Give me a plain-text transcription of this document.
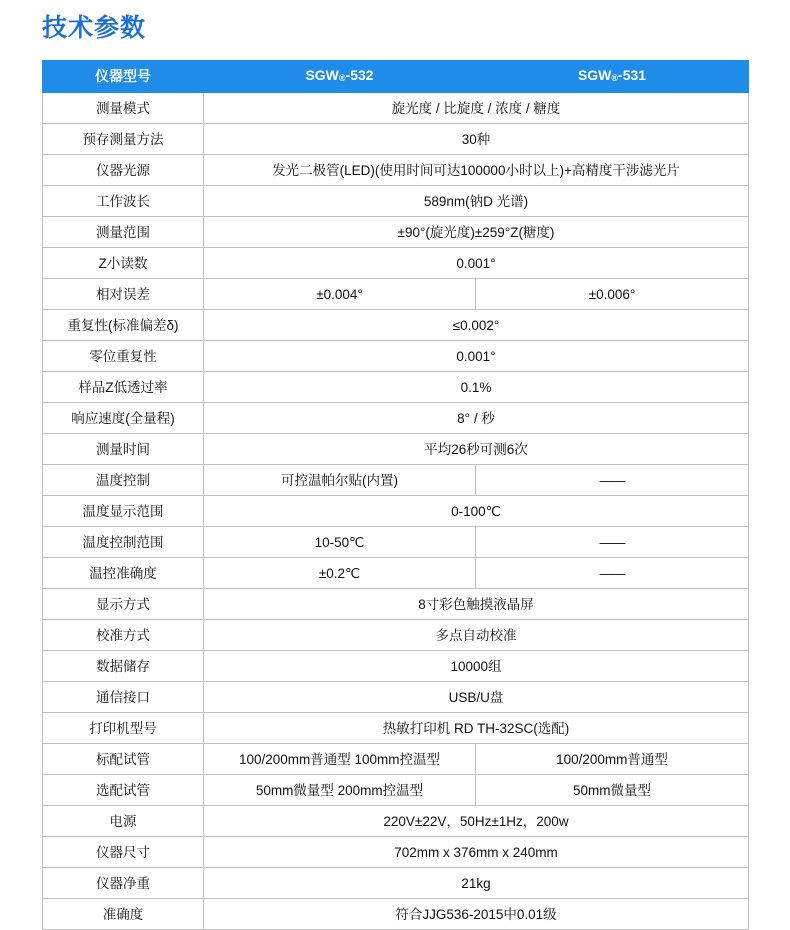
技术参数
仪器型号	SGW®-532	SGW®-531
测量模式	旋光度 / 比旋度 / 浓度 / 糖度	
预存测量方法	30种	
仪器光源	发光二极管(LED)(使用时间可达100000小时以上)+高精度干涉滤光片	
工作波长	589nm(钠D 光谱)	
测量范围	±90°(旋光度)±259°Z(糖度)	
Z小读数	0.001°	
相对误差	±0.004°	±0.006°
重复性(标准偏差δ)	≤0.002°	
零位重复性	0.001°	
样品Z低透过率	0.1%	
响应速度(全量程)	8° / 秒	
测量时间	平均26秒可测6次	
温度控制	可控温帕尔贴(内置)	——
温度显示范围	0-100℃	
温度控制范围	10-50℃	——
温控准确度	±0.2℃	——
显示方式	8寸彩色触摸液晶屏	
校准方式	多点自动校准	
数据储存	10000组	
通信接口	USB/U盘	
打印机型号	热敏打印机 RD TH-32SC(选配)	
标配试管	100/200mm普通型 100mm控温型	100/200mm普通型
选配试管	50mm微量型 200mm控温型	50mm微量型
电源	220V±22V，50Hz±1Hz，200w	
仪器尺寸	702mm x 376mm x 240mm	
仪器净重	21kg	
准确度	符合JJG536-2015中0.01级	
